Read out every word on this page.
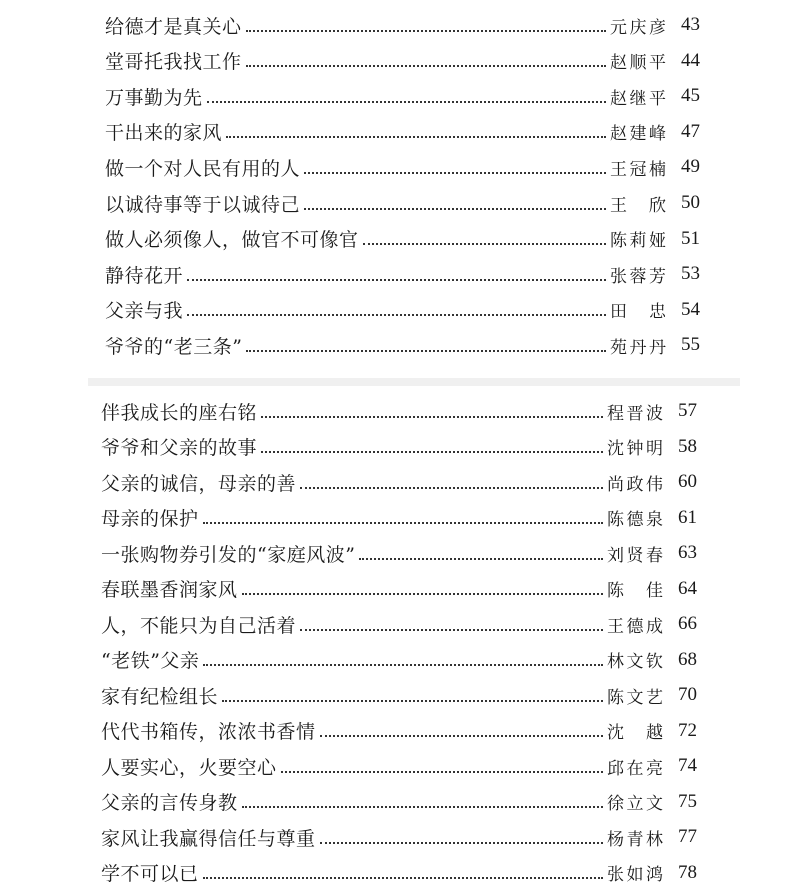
给德才是真关心	元庆彦 43
堂哥托我找工作	赵顺平 44
万事勤为先	赵继平 45
干出来的家风	赵建峰 47
做一个对人民有用的人	王冠楠 49
以诚待事等于以诚待己	王 欣 50
做人必须像人，做官不可像官	陈莉娅 51
静待花开	张蓉芳 53
父亲与我	田 忠 54
爷爷的“老三条”	苑丹丹 55
伴我成长的座右铭	程晋波 57
爷爷和父亲的故事	沈钟明 58
父亲的诚信，母亲的善	尚政伟 60
母亲的保护	陈德泉 61
一张购物券引发的“家庭风波”	刘贤春 63
春联墨香润家风	陈 佳 64
人，不能只为自己活着	王德成 66
“老铁”父亲	林文钦 68
家有纪检组长	陈文艺 70
代代书箱传，浓浓书香情	沈 越 72
人要实心，火要空心	邱在亮 74
父亲的言传身教	徐立文 75
家风让我赢得信任与尊重	杨青林 77
学不可以已	张如鸿 78
